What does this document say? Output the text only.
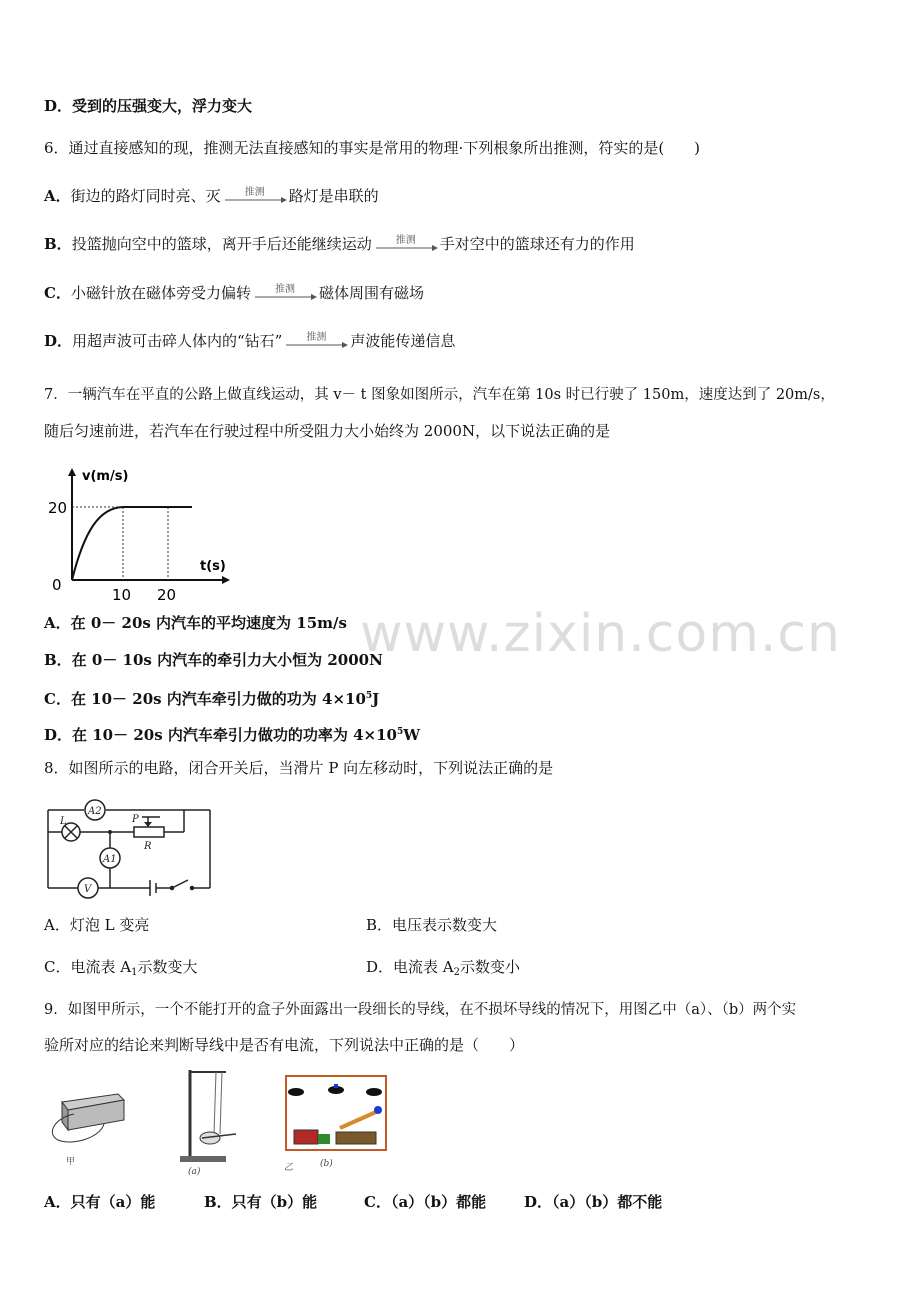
www.zixin.com.cn
D．受到的压强变大，浮力变大
6．通过直接感知的现，推测无法直接感知的事实是常用的物理·下列根象所出推测，符实的是(　　)
A．街边的路灯同时亮、灭	推测	路灯是串联的
B．投篮抛向空中的篮球，离开手后还能继续运动	推测	手对空中的篮球还有力的作用
C．小磁针放在磁体旁受力偏转	推测	磁体周围有磁场
D．用超声波可击碎人体内的“钻石”	推测	声波能传递信息
7．一辆汽车在平直的公路上做直线运动，其 v－ t 图象如图所示，汽车在第 10s 时已行驶了 150m，速度达到了 20m/s，
随后匀速前进，若汽车在行驶过程中所受阻力大小始终为 2000N，以下说法正确的是
v(m/s)
t(s)
20
0
10 20
A．在 0－ 20s 内汽车的平均速度为 15m/s
B．在 0－ 10s 内汽车的牵引力大小恒为 2000N
C．在 10－ 20s 内汽车牵引力做的功为 $4\times 10^5J$
D．在 10－ 20s 内汽车牵引力做功的功率为 $4\times 10^5W$
8．如图所示的电路，闭合开关后，当滑片 P 向左移动时，下列说法正确的是
A2
A1
V
L	P
R
A．灯泡 L 变亮	B．电压表示数变大
C．电流表 $A_1$示数变大	D．电流表 $A_2$示数变小
9．如图甲所示，一个不能打开的盒子外面露出一段细长的导线，在不损坏导线的情况下，用图乙中（a）、（b）两个实
验所对应的结论来判断导线中是否有电流，下列说法中正确的是（　　）
甲
(a)	乙	(b)
A．只有（a）能	B．只有（b）能	C．（a）（b）都能	D．（a）（b）都不能
